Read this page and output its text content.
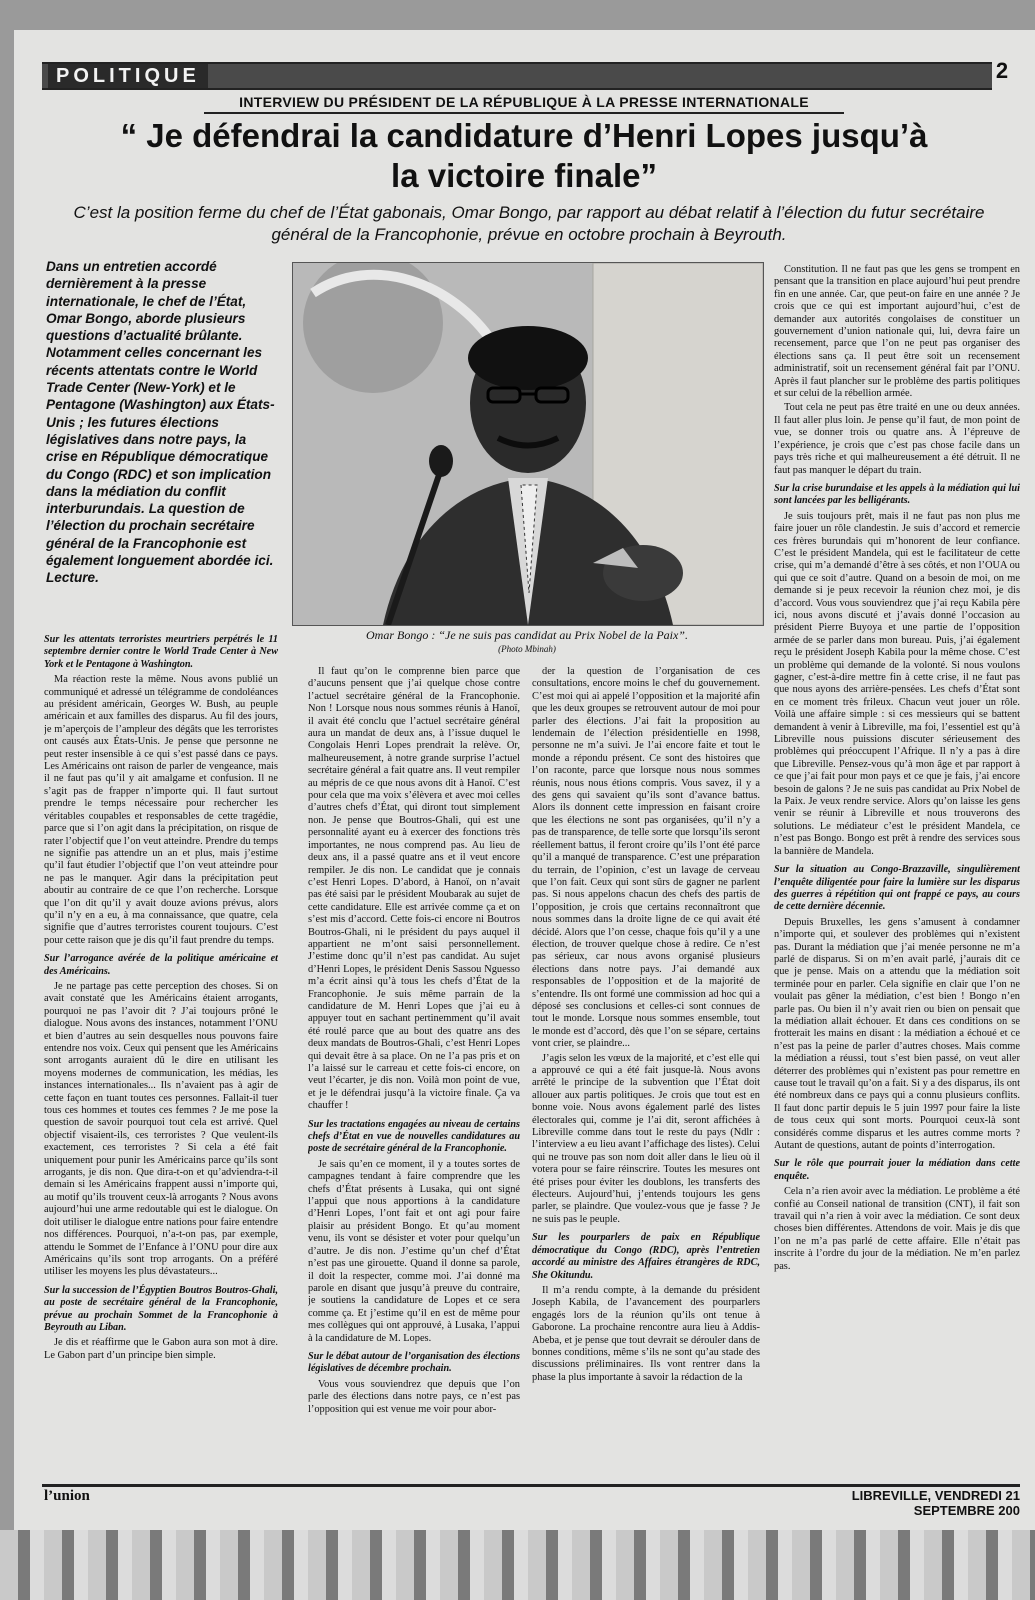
POLITIQUE	2
INTERVIEW DU PRÉSIDENT DE LA RÉPUBLIQUE À LA PRESSE INTERNATIONALE
“ Je défendrai la candidature d’Henri Lopes jusqu’à la victoire finale”
C’est la position ferme du chef de l’État gabonais, Omar Bongo, par rapport au débat relatif à l’élection du futur secrétaire général de la Francophonie, prévue en octobre prochain à Beyrouth.
Dans un entretien accordé dernièrement à la presse internationale, le chef de l’État, Omar Bongo, aborde plusieurs questions d’actualité brûlante. Notamment celles concernant les récents attentats contre le World Trade Center (New-York) et le Pentagone (Washington) aux États-Unis ; les futures élections législatives dans notre pays, la crise en République démocratique du Congo (RDC) et son implication dans la médiation du conflit interburundais. La question de l’élection du prochain secrétaire général de la Francophonie est également longuement abordée ici. Lecture.
Omar Bongo : “Je ne suis pas candidat au Prix Nobel de la Paix”.
(Photo Mbinah)

Sur les attentats terroristes meurtriers perpétrés le 11 septembre dernier contre le World Trade Center à New York et le Pentagone à Washington.

Ma réaction reste la même. Nous avons publié un communiqué et adressé un télégramme de condoléances au président américain, Georges W. Bush, au peuple américain et aux familles des disparus. Au fil des jours, je m’aperçois de l’ampleur des dégâts que les terroristes ont causés aux États-Unis. Je pense que personne ne peut rester insensible à ce qui s’est passé dans ce pays. Les Américains ont raison de parler de vengeance, mais il ne faut pas qu’il y ait amalgame et confusion. Il ne s’agit pas de frapper n’importe qui. Il faut surtout prendre le temps nécessaire pour rechercher les véritables coupables et responsables de cette tragédie, parce que si l’on agit dans la précipitation, on risque de rater l’objectif que l’on veut atteindre. Prendre du temps ne signifie pas attendre un an et plus, mais j’estime qu’il faut étudier l’objectif que l’on veut atteindre pour ne pas le manquer. Agir dans la précipitation peut aboutir au contraire de ce que l’on recherche. Lorsque que l’on dit qu’il y avait douze avions prévus, alors qu’il n’y en a eu, à ma connaissance, que quatre, cela signifie que d’autres terroristes courent toujours. C’est pour cette raison que je dis qu’il faut prendre du temps.

Sur l’arrogance avérée de la politique américaine et des Américains.

Je ne partage pas cette perception des choses. Si on avait constaté que les Américains étaient arrogants, pourquoi ne pas l’avoir dit ? J’ai toujours prôné le dialogue. Nous avons des instances, notamment l’ONU et bien d’autres au sein desquelles nous pouvons faire entendre nos voix. Ceux qui pensent que les Américains sont arrogants auraient dû le dire en utilisant les moyens modernes de communication, les médias, les instances internationales... Ils n’avaient pas à agir de cette façon en tuant toutes ces personnes. Fallait-il tuer tous ces hommes et toutes ces femmes ? Je me pose la question de savoir pourquoi tout cela est arrivé. Quel objectif visaient-ils, ces terroristes ? Que veulent-ils exactement, ces terroristes ? Si cela a été fait uniquement pour punir les Américains parce qu’ils sont arrogants, je dis non. Que dira-t-on et qu’adviendra-t-il demain si les Américains frappent aussi n’importe qui, au motif qu’ils trouvent ceux-là arrogants ? Nous avons aujourd’hui une arme redoutable qui est le dialogue. On doit utiliser le dialogue entre nations pour faire entendre nos différences. Pourquoi, n’a-t-on pas, par exemple, attendu le Sommet de l’Enfance à l’ONU pour dire aux Américains qu’ils sont trop arrogants. On a préféré utiliser les moyens les plus dévastateurs...

Sur la succession de l’Égyptien Boutros Boutros-Ghali, au poste de secrétaire général de la Francophonie, prévue au prochain Sommet de la Francophonie à Beyrouth au Liban.

Je dis et réaffirme que le Gabon aura son mot à dire. Le Gabon part d’un principe bien simple.

Il faut qu’on le comprenne bien parce que d’aucuns pensent que j’ai quelque chose contre l’actuel secrétaire général de la Francophonie. Non ! Lorsque nous nous sommes réunis à Hanoï, il avait été conclu que l’actuel secrétaire général aura un mandat de deux ans, à l’issue duquel le Congolais Henri Lopes prendrait la relève. Or, malheureusement, à notre grande surprise l’actuel secrétaire général a fait quatre ans. Il veut rempiler au mépris de ce que nous avons dit à Hanoï. C’est pour cela que ma voix s’élèvera et avec moi celles d’autres chefs d’État, qui diront tout simplement non. Je pense que Boutros-Ghali, qui est une personnalité ayant eu à exercer des fonctions très importantes, ne nous comprend pas. Au lieu de deux ans, il a passé quatre ans et il veut encore rempiler. Je dis non. Le candidat que je connais c’est Henri Lopes. D’abord, à Hanoï, on n’avait pas été saisi par le président Moubarak au sujet de cette candidature. Elle est arrivée comme ça et on s’est mis d’accord. Cette fois-ci encore ni Boutros Boutros-Ghali, ni le président du pays auquel il appartient ne m’ont saisi personnellement. J’estime donc qu’il n’est pas candidat. Au sujet d’Henri Lopes, le président Denis Sassou Nguesso m’a écrit ainsi qu’à tous les chefs d’État de la Francophonie. Je suis même parrain de la candidature de M. Henri Lopes que j’ai eu à appuyer tout en sachant pertinemment qu’il avait été roulé parce que au bout des quatre ans des deux mandats de Boutros-Ghali, c’est Henri Lopes qui devait être à sa place. On ne l’a pas pris et on l’a laissé sur le carreau et cette fois-ci encore, on veut l’écarter, je dis non. Voilà mon point de vue, et je le défendrai jusqu’à la victoire finale. Ça va chauffer !

Sur les tractations engagées au niveau de certains chefs d’État en vue de nouvelles candidatures au poste de secrétaire général de la Francophonie.

Je sais qu’en ce moment, il y a toutes sortes de campagnes tendant à faire comprendre que les chefs d’État présents à Lusaka, qui ont signé l’appui que nous apportions à la candidature d’Henri Lopes, l’ont fait et ont agi pour faire plaisir au président Bongo. Et qu’au moment venu, ils vont se désister et voter pour quelqu’un d’autre. Je dis non. J’estime qu’un chef d’État n’est pas une girouette. Quand il donne sa parole, il doit la respecter, comme moi. J’ai donné ma parole en disant que jusqu’à preuve du contraire, je soutiens la candidature de Lopes et ce sera comme ça. Et j’estime qu’il en est de même pour mes collègues qui ont approuvé, à Lusaka, l’appui à la candidature de M. Lopes.

Sur le débat autour de l’organisation des élections législatives de décembre prochain.

Vous vous souviendrez que depuis que l’on parle des élections dans notre pays, ce n’est pas l’opposition qui est venue me voir pour abor-

der la question de l’organisation de ces consultations, encore moins le chef du gouvernement. C’est moi qui ai appelé l’opposition et la majorité afin que les deux groupes se retrouvent autour de moi pour parler des élections. J’ai fait la proposition au lendemain de l’élection présidentielle en 1998, personne ne m’a suivi. Je l’ai encore faite et tout le monde a répondu présent. Ce sont des histoires que l’on raconte, parce que lorsque nous nous sommes réunis, nous nous étions compris. Vous savez, il y a des gens qui savaient qu’ils sont d’avance battus. Alors ils donnent cette impression en faisant croire que les élections ne sont pas organisées, qu’il n’y a pas de transparence, de telle sorte que lorsqu’ils seront réellement battus, il feront croire qu’ils l’ont été parce qu’il a manqué de transparence. C’est une préparation du terrain, de l’opinion, c’est un lavage de cerveau que l’on fait. Ceux qui sont sûrs de gagner ne parlent pas. Si nous appelons chacun des chefs des partis de l’opposition, je crois que certains reconnaîtront que nous sommes dans la droite ligne de ce qui avait été décidé. Alors que l’on cesse, chaque fois qu’il y a une élection, de trouver quelque chose à redire. Ce n’est pas sérieux, car nous avons organisé plusieurs élections dans notre pays. J’ai demandé aux responsables de l’opposition et de la majorité de s’entendre. Ils ont formé une commission ad hoc qui a déposé ses conclusions et celles-ci sont connues de tout le monde. Lorsque nous sommes ensemble, tout le monde est d’accord, dès que l’on se sépare, certains vont crier, se plaindre...

J’agis selon les vœux de la majorité, et c’est elle qui a approuvé ce qui a été fait jusque-là. Nous avons arrêté le principe de la subvention que l’État doit allouer aux partis politiques. Je crois que tout est en bonne voie. Nous avons également parlé des listes électorales qui, comme je l’ai dit, seront affichées à Libreville comme dans tout le reste du pays (Ndlr : l’interview a eu lieu avant l’affichage des listes). Celui qui ne trouve pas son nom doit aller dans le lieu où il votera pour se faire réinscrire. Toutes les mesures ont été prises pour éviter les doublons, les transferts des électeurs. Aujourd’hui, j’entends toujours les gens parler, se plaindre. Que voulez-vous que je fasse ? Je ne suis pas le peuple.

Sur les pourparlers de paix en République démocratique du Congo (RDC), après l’entretien accordé au ministre des Affaires étrangères de RDC, She Okitundu.

Il m’a rendu compte, à la demande du président Joseph Kabila, de l’avancement des pourparlers engagés lors de la réunion qu’ils ont tenue à Gaborone. La prochaine rencontre aura lieu à Addis-Abeba, et je pense que tout devrait se dérouler dans de bonnes conditions, même s’ils ne sont qu’au stade des discussions préliminaires. Ils vont rentrer dans la phase la plus importante à savoir la rédaction de la

Constitution. Il ne faut pas que les gens se trompent en pensant que la transition en place aujourd’hui peut prendre fin en une année. Car, que peut-on faire en une année ? Je crois que ce qui est important aujourd’hui, c’est de demander aux autorités congolaises de constituer un gouvernement d’union nationale qui, lui, devra faire un recensement, parce que l’on ne peut pas organiser des élections sans ça. Il peut être soit un recensement administratif, soit un recensement général fait par l’ONU. Après il faut plancher sur le problème des partis politiques et sur celui de la rébellion armée.

Tout cela ne peut pas être traité en une ou deux années. Il faut aller plus loin. Je pense qu’il faut, de mon point de vue, se donner trois ou quatre ans. À l’épreuve de l’expérience, je crois que c’est pas chose facile dans un pays très riche et qui malheureusement a été détruit. Il ne faut pas manquer le départ du train.

Sur la crise burundaise et les appels à la médiation qui lui sont lancées par les belligérants.

Je suis toujours prêt, mais il ne faut pas non plus me faire jouer un rôle clandestin. Je suis d’accord et remercie ces frères burundais qui m’honorent de leur confiance. C’est le président Mandela, qui est le facilitateur de cette crise, qui m’a demandé d’être à ses côtés, et non l’OUA ou qui que ce soit d’autre. Quand on a besoin de moi, on me demande si je peux recevoir la réunion chez moi, je dis d’accord. Vous vous souviendrez que j’ai reçu Kabila père ici, nous avons discuté et j’avais donné l’occasion au président Pierre Buyoya et une partie de l’opposition armée de se parler dans mon bureau. Puis, j’ai également reçu le président Joseph Kabila pour la même chose. C’est un problème qui demande de la volonté. Si nous voulons gagner, c’est-à-dire mettre fin à cette crise, il ne faut pas que nous ayons des arrière-pensées. Les chefs d’État sont en ce moment très frileux. Chacun veut jouer un rôle. Voilà une affaire simple : si ces messieurs qui se battent demandent à venir à Libreville, ma foi, l’essentiel est qu’à Libreville nous puissions discuter sérieusement des problèmes qui préoccupent l’Afrique. Il n’y a pas à dire que Libreville. Pensez-vous qu’à mon âge et par rapport à ce que j’ai fait pour mon pays et ce que je fais, j’ai encore besoin de galons ? Je ne suis pas candidat au Prix Nobel de la Paix. Je veux rendre service. Alors qu’on laisse les gens venir se réunir à Libreville et nous trouverons des solutions. Le médiateur c’est le président Mandela, ce n’est pas Bongo. Bongo est prêt à rendre des services sous la bannière de Mandela.

Sur la situation au Congo-Brazzaville, singulièrement l’enquête diligentée pour faire la lumière sur les disparus des guerres à répétition qui ont frappé ce pays, au cours de cette dernière décennie.

Depuis Bruxelles, les gens s’amusent à condamner n’importe qui, et soulever des problèmes qui n’existent pas. Durant la médiation que j’ai menée personne ne m’a parlé de disparus. Si on m’en avait parlé, j’aurais dit ce que je pense. Mais on a attendu que la médiation soit terminée pour en parler. Cela signifie en clair que l’on ne voulait pas gêner la médiation, c’est bien ! Bongo n’en parle pas. Ou bien il n’y avait rien ou bien on pensait que la médiation allait échouer. Et dans ces conditions on se frotterait les mains en disant : la médiation a échoué et ce n’est pas la peine de parler d’autres choses. Mais comme la médiation a réussi, tout s’est bien passé, on veut aller déterrer des problèmes qui n’existent pas pour remettre en cause tout le travail qu’on a fait. Si y a des disparus, ils ont été nombreux dans ce pays qui a connu plusieurs conflits. Il faut donc partir depuis le 5 juin 1997 pour faire la liste de tous ceux qui sont morts. Pourquoi ceux-là sont considérés comme disparus et les autres comme morts ? Autant de questions, autant de points d’interrogation.

Sur le rôle que pourrait jouer la médiation dans cette enquête.

Cela n’a rien avoir avec la médiation. Le problème a été confié au Conseil national de transition (CNT), il fait son travail qui n’a rien à voir avec la médiation. Ce sont deux choses bien différentes. Attendons de voir. Mais je dis que l’on ne m’a pas parlé de cette affaire. Elle n’était pas inscrite à l’ordre du jour de la médiation. Ne m’en parlez pas.

l’union	LIBREVILLE, VENDREDI 21 SEPTEMBRE 200
